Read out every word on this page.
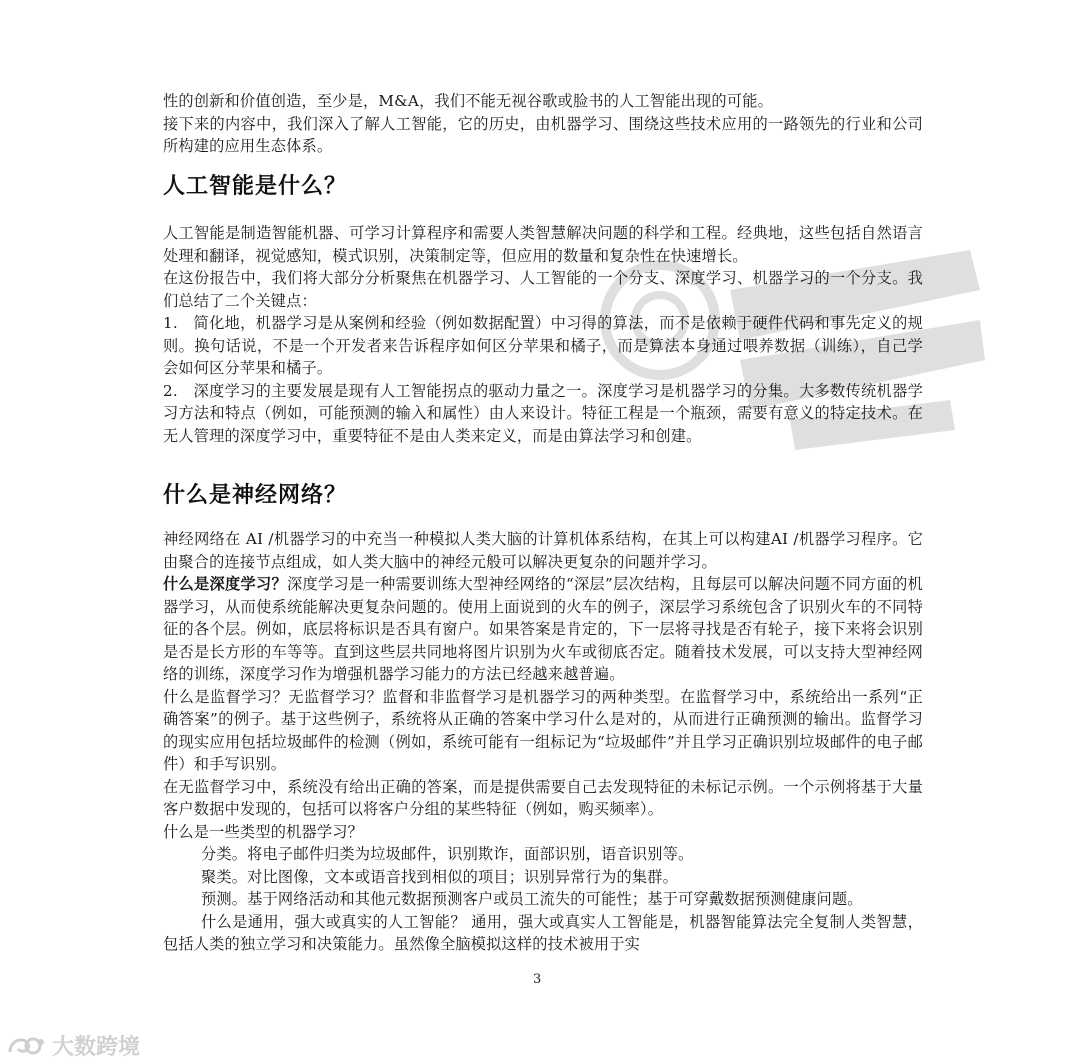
性的创新和价值创造，至少是，M&A，我们不能无视谷歌或脸书的人工智能出现的可能。

接下来的内容中，我们深入了解人工智能，它的历史，由机器学习、围绕这些技术应用的一路领先的行业和公司所构建的应用生态体系。

人工智能是什么？

人工智能是制造智能机器、可学习计算程序和需要人类智慧解决问题的科学和工程。经典地，这些包括自然语言处理和翻译，视觉感知，模式识别，决策制定等，但应用的数量和复杂性在快速增长。

在这份报告中，我们将大部分分析聚焦在机器学习、人工智能的一个分支、深度学习、机器学习的一个分支。我们总结了二个关键点：

1.　简化地，机器学习是从案例和经验（例如数据配置）中习得的算法，而不是依赖于硬件代码和事先定义的规则。换句话说，不是一个开发者来告诉程序如何区分苹果和橘子，而是算法本身通过喂养数据（训练），自己学会如何区分苹果和橘子。

2.　深度学习的主要发展是现有人工智能拐点的驱动力量之一。深度学习是机器学习的分集。大多数传统机器学习方法和特点（例如，可能预测的输入和属性）由人来设计。特征工程是一个瓶颈，需要有意义的特定技术。在无人管理的深度学习中，重要特征不是由人类来定义，而是由算法学习和创建。

什么是神经网络？

神经网络在 AI /机器学习的中充当一种模拟人类大脑的计算机体系结构，在其上可以构建AI /机器学习程序。它由聚合的连接节点组成，如人类大脑中的神经元般可以解决更复杂的问题并学习。

什么是深度学习？深度学习是一种需要训练大型神经网络的“深层”层次结构，且每层可以解决问题不同方面的机器学习，从而使系统能解决更复杂问题的。使用上面说到的火车的例子，深层学习系统包含了识别火车的不同特征的各个层。例如，底层将标识是否具有窗户。如果答案是肯定的，下一层将寻找是否有轮子，接下来将会识别是否是长方形的车等等。直到这些层共同地将图片识别为火车或彻底否定。随着技术发展，可以支持大型神经网络的训练，深度学习作为增强机器学习能力的方法已经越来越普遍。

什么是监督学习？无监督学习？监督和非监督学习是机器学习的两种类型。在监督学习中，系统给出一系列“正确答案”的例子。基于这些例子，系统将从正确的答案中学习什么是对的，从而进行正确预测的输出。监督学习的现实应用包括垃圾邮件的检测（例如，系统可能有一组标记为“垃圾邮件”并且学习正确识别垃圾邮件的电子邮件）和手写识别。

在无监督学习中，系统没有给出正确的答案，而是提供需要自己去发现特征的未标记示例。一个示例将基于大量客户数据中发现的，包括可以将客户分组的某些特征（例如，购买频率）。

什么是一些类型的机器学习？

分类。将电子邮件归类为垃圾邮件，识别欺诈，面部识别，语音识别等。

聚类。对比图像，文本或语音找到相似的项目；识别异常行为的集群。

预测。基于网络活动和其他元数据预测客户或员工流失的可能性；基于可穿戴数据预测健康问题。

什么是通用，强大或真实的人工智能？ 通用，强大或真实人工智能是，机器智能算法完全复制人类智慧，包括人类的独立学习和决策能力。虽然像全脑模拟这样的技术被用于实

3
大数跨境
